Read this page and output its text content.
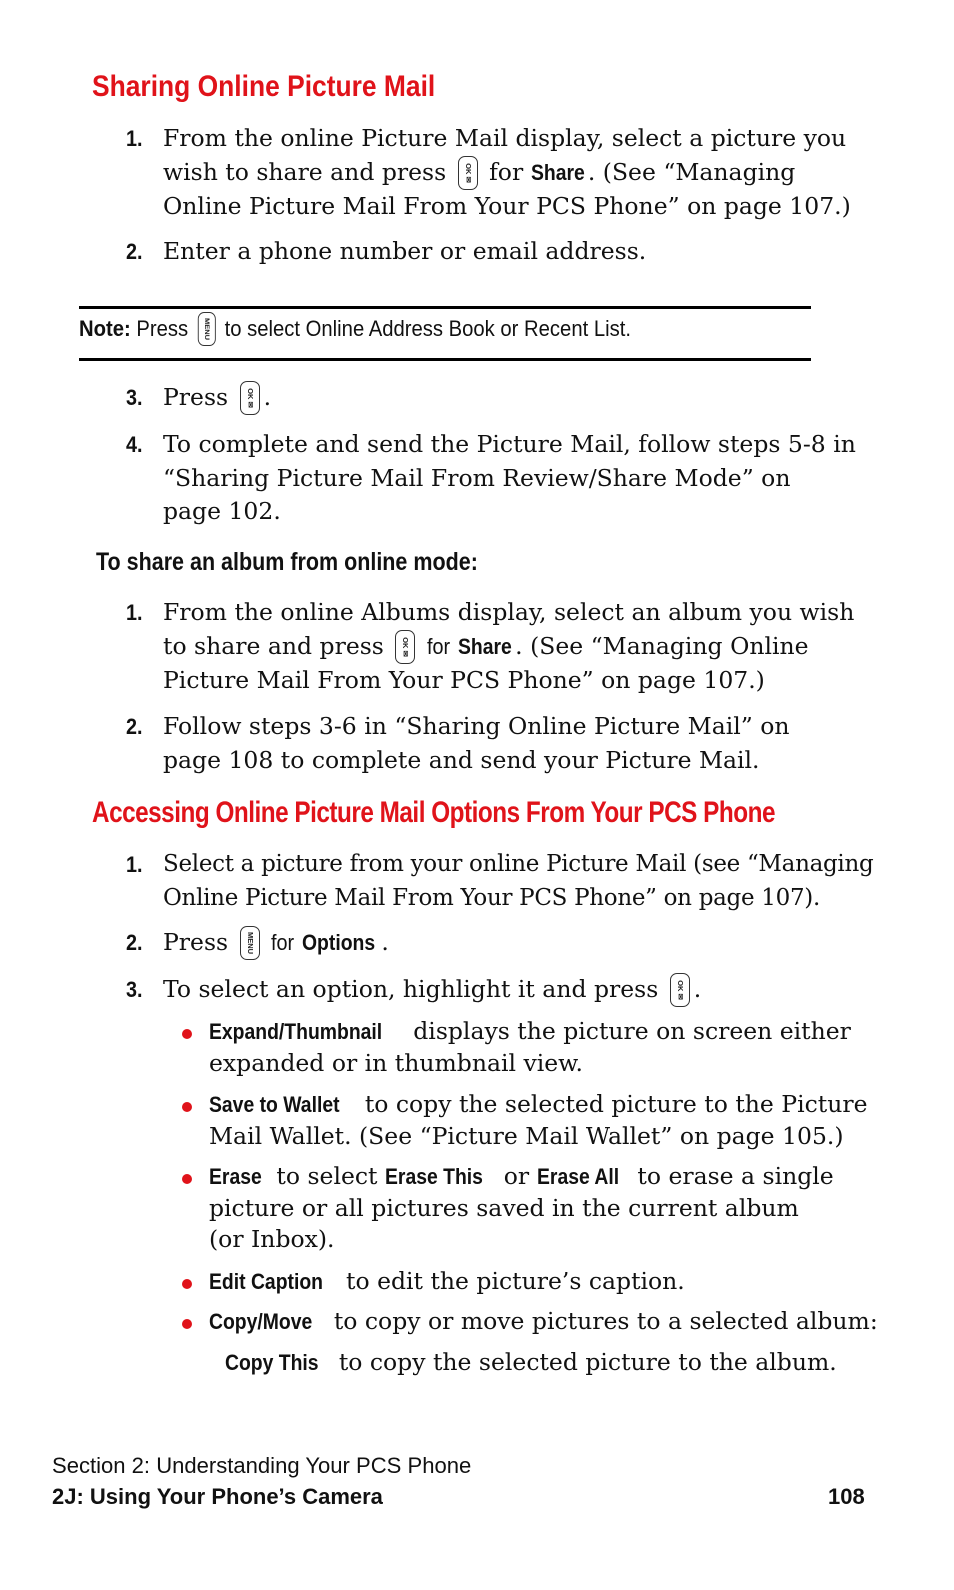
Sharing Online Picture Mail
1. From the online Picture Mail display, select a picture you
wish to share and press	OK ✉ for Share . (See “Managing
Online Picture Mail From Your PCS Phone” on page 107.)
2. Enter a phone number or email address.
Note: Press	MENU to select Online Address Book or Recent List.
3. Press	OK ✉ .
4. To complete and send the Picture Mail, follow steps 5-8 in
“Sharing Picture Mail From Review/Share Mode” on
page 102.
To share an album from online mode:
1. From the online Albums display, select an album you wish
to share and press	OK ✉ for Share . (See “Managing Online
Picture Mail From Your PCS Phone” on page 107.)
2. Follow steps 3-6 in “Sharing Online Picture Mail” on
page 108 to complete and send your Picture Mail.
Accessing Online Picture Mail Options From Your PCS Phone
1. Select a picture from your online Picture Mail (see “Managing
Online Picture Mail From Your PCS Phone” on page 107).
2. Press	MENU for Options .
3. To select an option, highlight it and press	OK ✉ .
Expand/Thumbnail displays the picture on screen either
expanded or in thumbnail view.
Save to Wallet to copy the selected picture to the Picture
Mail Wallet. (See “Picture Mail Wallet” on page 105.)
Erase to select Erase This or Erase All to erase a single
picture or all pictures saved in the current album
(or Inbox).
Edit Caption to edit the picture’s caption.
Copy/Move to copy or move pictures to a selected album:
Copy This to copy the selected picture to the album.
Section 2: Understanding Your PCS Phone
2J: Using Your Phone’s Camera	108
